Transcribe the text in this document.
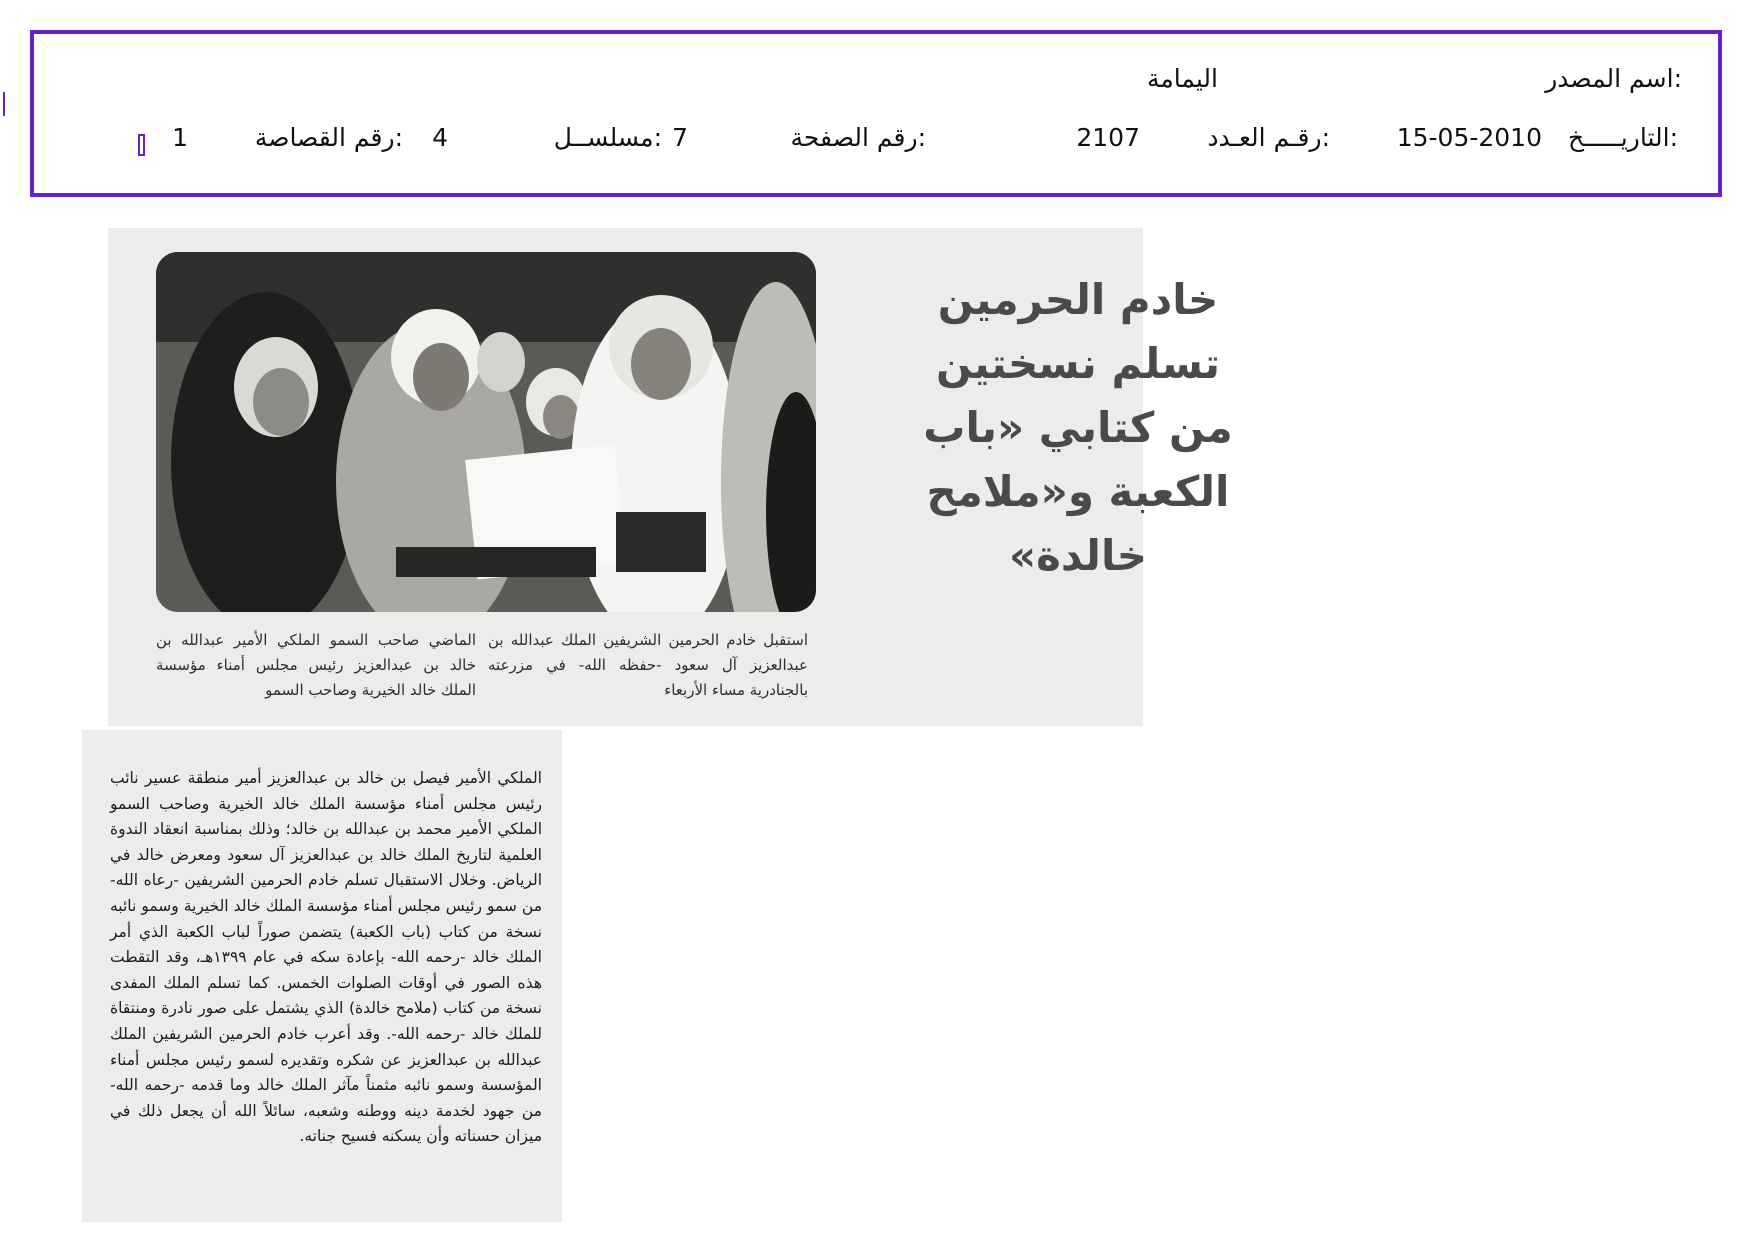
اسم المصدر:
اليمامة
التاريـــــخ:
15-05-2010
رقـم العـدد:
2107
رقم الصفحة:
7
مسلســل:
4
رقم القصاصة:
1
خادم الحرمين تسلم نسختين من كتابي «باب الكعبة و«ملامح خالدة»
استقبل خادم الحرمين الشريفين الملك عبدالله بن عبدالعزيز آل سعود -حفظه الله- في مزرعته بالجنادرية مساء الأربعاء
الماضي صاحب السمو الملكي الأمير عبدالله بن خالد بن عبدالعزيز رئيس مجلس أمناء مؤسسة الملك خالد الخيرية وصاحب السمو
الملكي الأمير فيصل بن خالد بن عبدالعزيز أمير منطقة عسير نائب رئيس مجلس أمناء مؤسسة الملك خالد الخيرية وصاحب السمو الملكي الأمير محمد بن عبدالله بن خالد؛ وذلك بمناسبة انعقاد الندوة العلمية لتاريخ الملك خالد بن عبدالعزيز آل سعود ومعرض خالد في الرياض. وخلال الاستقبال تسلم خادم الحرمين الشريفين -رعاه الله- من سمو رئيس مجلس أمناء مؤسسة الملك خالد الخيرية وسمو نائبه نسخة من كتاب (باب الكعبة) يتضمن صوراً لباب الكعبة الذي أمر الملك خالد -رحمه الله- بإعادة سكه في عام ١٣٩٩هـ، وقد التقطت هذه الصور في أوقات الصلوات الخمس. كما تسلم الملك المفدى نسخة من كتاب (ملامح خالدة) الذي يشتمل على صور نادرة ومنتقاة للملك خالد -رحمه الله-. وقد أعرب خادم الحرمين الشريفين الملك عبدالله بن عبدالعزيز عن شكره وتقديره لسمو رئيس مجلس أمناء المؤسسة وسمو نائبه مثمناً مآثر الملك خالد وما قدمه -رحمه الله- من جهود لخدمة دينه ووطنه وشعبه، سائلاً الله أن يجعل ذلك في ميزان حسناته وأن يسكنه فسيح جناته.
